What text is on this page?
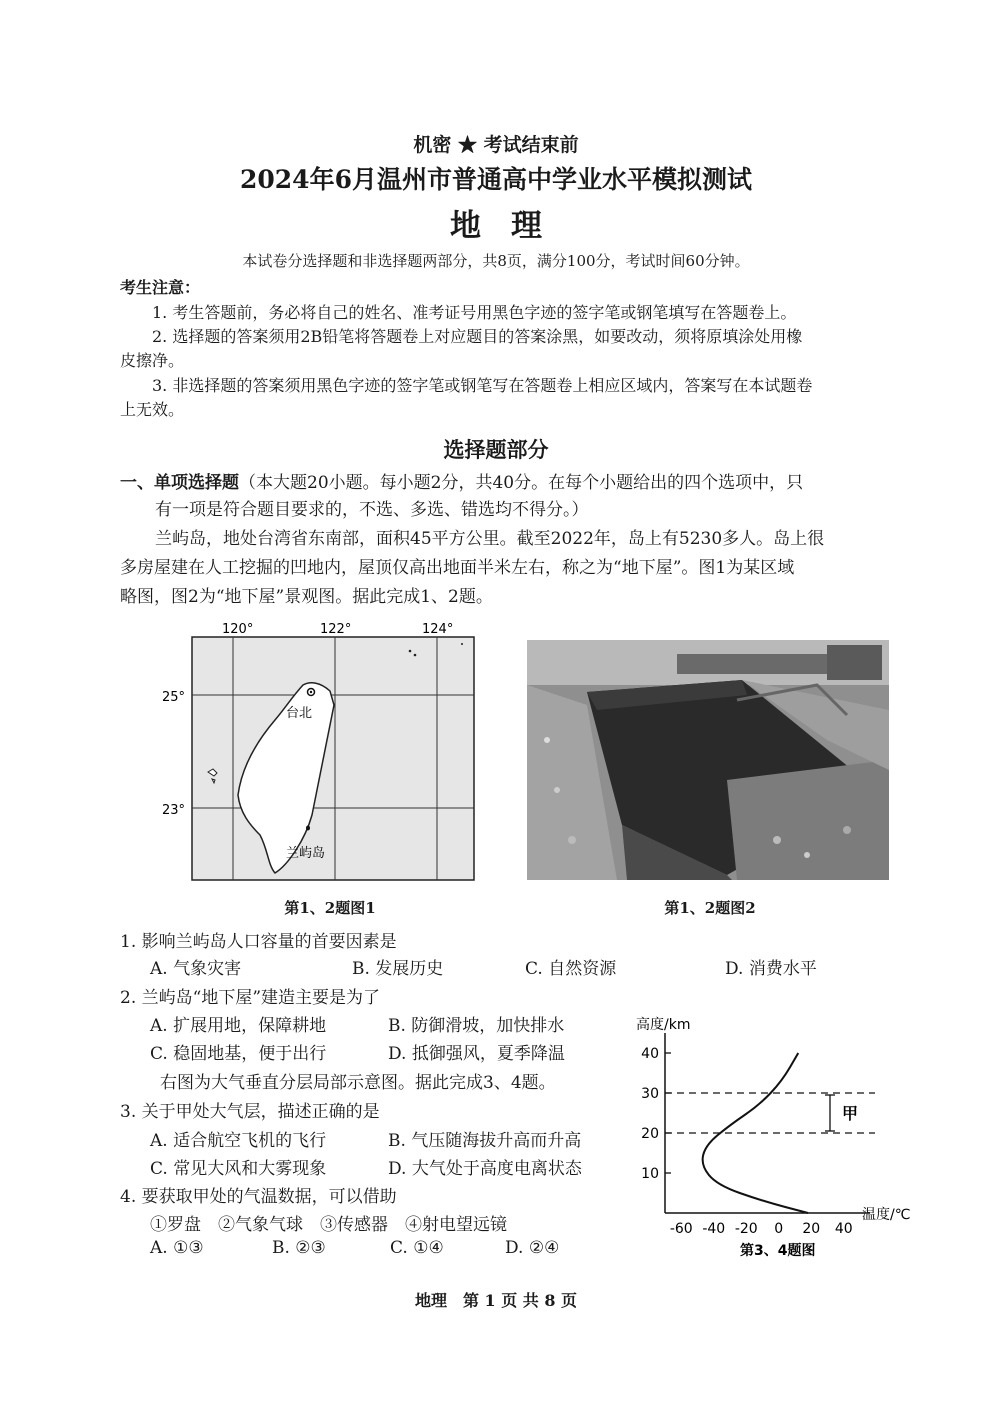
机密 ★ 考试结束前
2024年6月温州市普通高中学业水平模拟测试
地理
本试卷分选择题和非选择题两部分，共8页，满分100分，考试时间60分钟。
考生注意：
1. 考生答题前，务必将自己的姓名、准考证号用黑色字迹的签字笔或钢笔填写在答题卷上。
2. 选择题的答案须用2B铅笔将答题卷上对应题目的答案涂黑，如要改动，须将原填涂处用橡
皮擦净。
3. 非选择题的答案须用黑色字迹的签字笔或钢笔写在答题卷上相应区域内，答案写在本试题卷
上无效。
选择题部分
一、单项选择题（本大题20小题。每小题2分，共40分。在每个小题给出的四个选项中，只
有一项是符合题目要求的，不选、多选、错选均不得分。）
兰屿岛，地处台湾省东南部，面积45平方公里。截至2022年，岛上有5230多人。岛上很
多房屋建在人工挖掘的凹地内，屋顶仅高出地面半米左右，称之为“地下屋”。图1为某区域
略图，图2为“地下屋”景观图。据此完成1、2题。
120°	122°	124°
25°
23°
台北
兰屿岛
第1、2题图1	第1、2题图2
1. 影响兰屿岛人口容量的首要因素是
A. 气象灾害	B. 发展历史	C. 自然资源	D. 消费水平
2. 兰屿岛“地下屋”建造主要是为了
A. 扩展用地，保障耕地	B. 防御滑坡，加快排水
C. 稳固地基，便于出行	D. 抵御强风，夏季降温
右图为大气垂直分层局部示意图。据此完成3、4题。
3. 关于甲处大气层，描述正确的是
A. 适合航空飞机的飞行	B. 气压随海拔升高而升高
C. 常见大风和大雾现象	D. 大气处于高度电离状态
4. 要获取甲处的气温数据，可以借助
①罗盘　②气象气球　③传感器　④射电望远镜
A. ①③	B. ②③	C. ①④	D. ②④
高度/km
温度/℃
10
20
30
40
-60 -40 -20 0 20 40
甲
第3、4题图
地理　第 1 页 共 8 页
